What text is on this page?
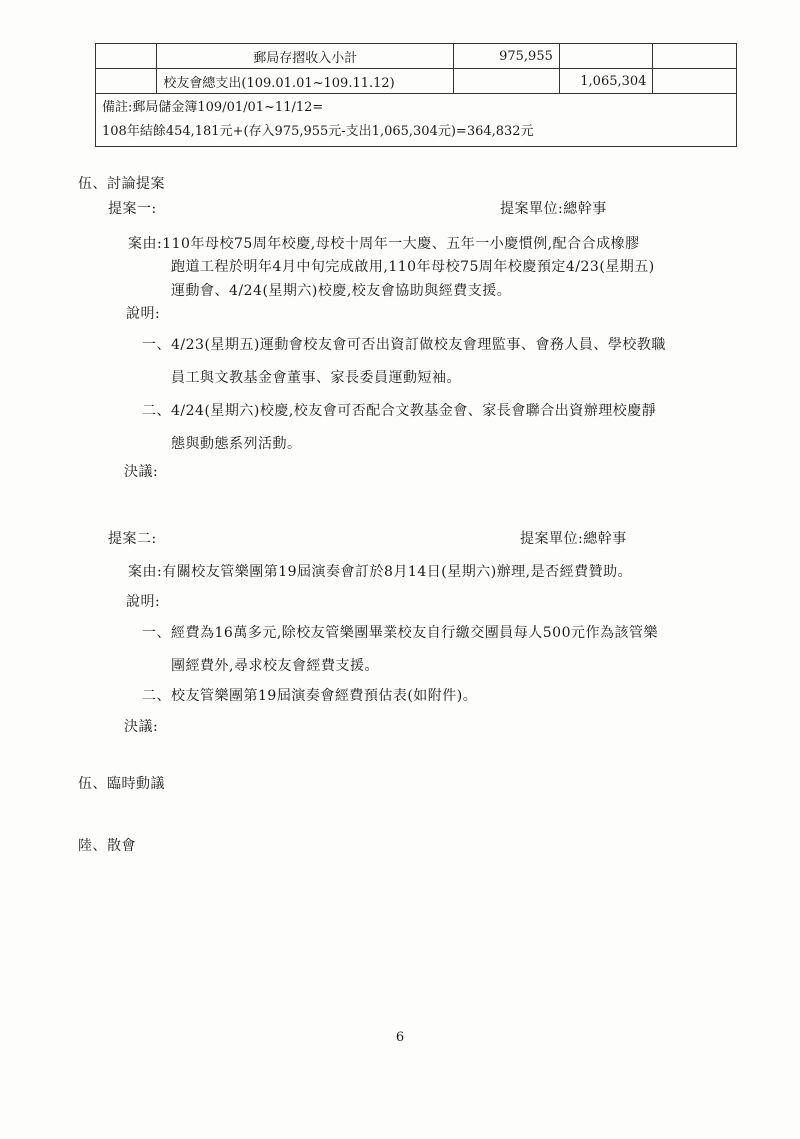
	郵局存摺收入小計	975,955		
	校友會總支出(109.01.01~109.11.12)		1,065,304	

備註:郵局儲金簿109/01/01~11/12=
108年結餘454,181元+(存入975,955元-支出1,065,304元)=364,832元				
伍、討論提案
提案一:	提案單位:總幹事
案由:110年母校75周年校慶,母校十周年一大慶、五年一小慶慣例,配合合成橡膠
跑道工程於明年4月中旬完成啟用,110年母校75周年校慶預定4/23(星期五)
運動會、4/24(星期六)校慶,校友會協助與經費支援。
說明:
一、4/23(星期五)運動會校友會可否出資訂做校友會理監事、會務人員、學校教職
員工與文教基金會董事、家長委員運動短袖。
二、4/24(星期六)校慶,校友會可否配合文教基金會、家長會聯合出資辦理校慶靜
態與動態系列活動。
決議:
提案二:	提案單位:總幹事
案由:有關校友管樂團第19屆演奏會訂於8月14日(星期六)辦理,是否經費贊助。
說明:
一、經費為16萬多元,除校友管樂團畢業校友自行繳交團員每人500元作為該管樂
團經費外,尋求校友會經費支援。
二、校友管樂團第19屆演奏會經費預估表(如附件)。
決議:
伍、臨時動議
陸、散會
6
